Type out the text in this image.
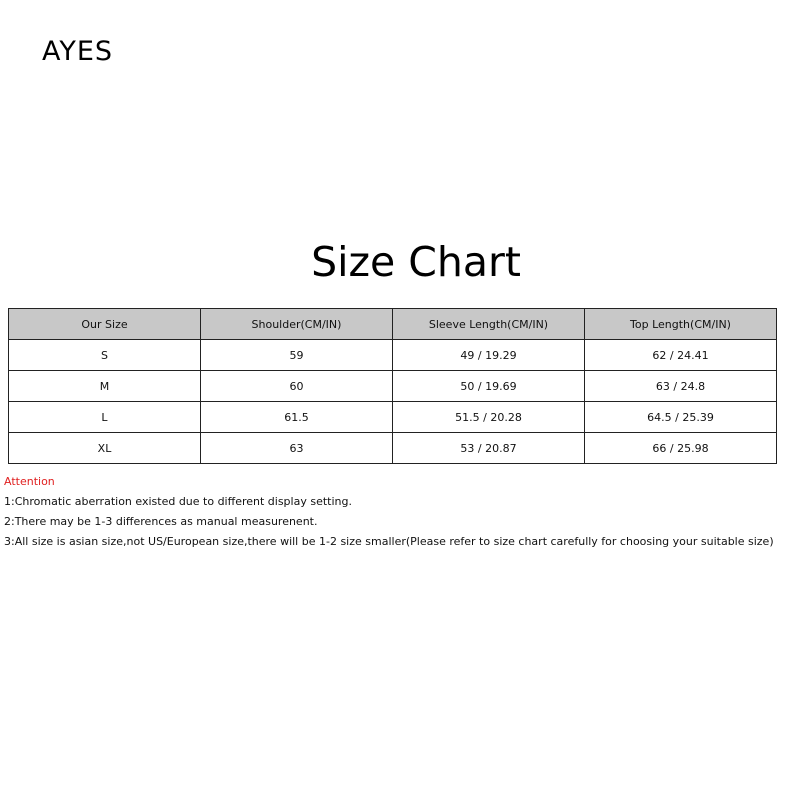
AYES
Size Chart
Our Size	Shoulder(CM/IN)	Sleeve Length(CM/IN)	Top Length(CM/IN)
S	59	49 / 19.29	62 / 24.41
M	60	50 / 19.69	63 / 24.8
L	61.5	51.5 / 20.28	64.5 / 25.39
XL	63	53 / 20.87	66 / 25.98
Attention
1:Chromatic aberration existed due to different display setting.
2:There may be 1-3 differences as manual measurenent.
3:All size is asian size,not US/European size,there will be 1-2 size smaller(Please refer to size chart carefully for choosing your suitable size)
